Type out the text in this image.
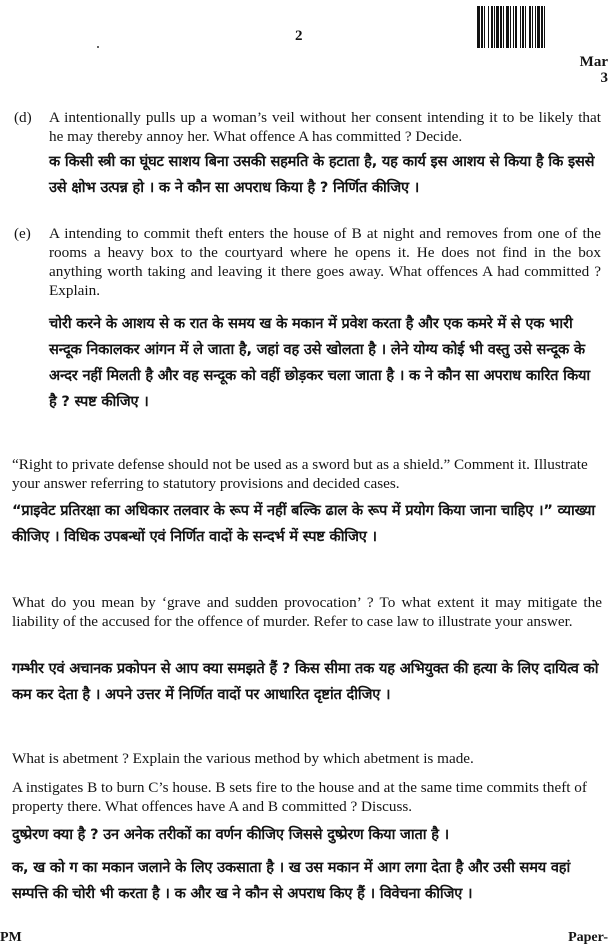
2
Mar
3
(d) A intentionally pulls up a woman’s veil without her consent intending it to be likely that he may thereby annoy her. What offence A has committed ? Decide.
क किसी स्त्री का घूंघट साशय बिना उसकी सहमति के हटाता है, यह कार्य इस आशय से किया है कि इससे उसे क्षोभ उत्पन्न हो । क ने कौन सा अपराध किया है ? निर्णित कीजिए ।
(e) A intending to commit theft enters the house of B at night and removes from one of the rooms a heavy box to the courtyard where he opens it. He does not find in the box anything worth taking and leaving it there goes away. What offences A had committed ? Explain.
चोरी करने के आशय से क रात के समय ख के मकान में प्रवेश करता है और एक कमरे में से एक भारी सन्दूक निकालकर आंगन में ले जाता है, जहां वह उसे खोलता है । लेने योग्य कोई भी वस्तु उसे सन्दूक के अन्दर नहीं मिलती है और वह सन्दूक को वहीं छोड़कर चला जाता है । क ने कौन सा अपराध कारित किया है ? स्पष्ट कीजिए ।
“Right to private defense should not be used as a sword but as a shield.” Comment it. Illustrate your answer referring to statutory provisions and decided cases.
“प्राइवेट प्रतिरक्षा का अधिकार तलवार के रूप में नहीं बल्कि ढाल के रूप में प्रयोग किया जाना चाहिए ।” व्याख्या कीजिए । विधिक उपबन्धों एवं निर्णित वादों के सन्दर्भ में स्पष्ट कीजिए ।
What do you mean by ‘grave and sudden provocation’ ? To what extent it may mitigate the liability of the accused for the offence of murder. Refer to case law to illustrate your answer.
गम्भीर एवं अचानक प्रकोपन से आप क्या समझते हैं ? किस सीमा तक यह अभियुक्त की हत्या के लिए दायित्व को कम कर देता है । अपने उत्तर में निर्णित वादों पर आधारित दृष्टांत दीजिए ।
What is abetment ? Explain the various method by which abetment is made.
A instigates B to burn C’s house. B sets fire to the house and at the same time commits theft of property there. What offences have A and B committed ? Discuss.
दुष्प्रेरण क्या है ? उन अनेक तरीकों का वर्णन कीजिए जिससे दुष्प्रेरण किया जाता है ।
क, ख को ग का मकान जलाने के लिए उकसाता है । ख उस मकान में आग लगा देता है और उसी समय वहां सम्पत्ति की चोरी भी करता है । क और ख ने कौन से अपराध किए हैं । विवेचना कीजिए ।
PM	Paper-
